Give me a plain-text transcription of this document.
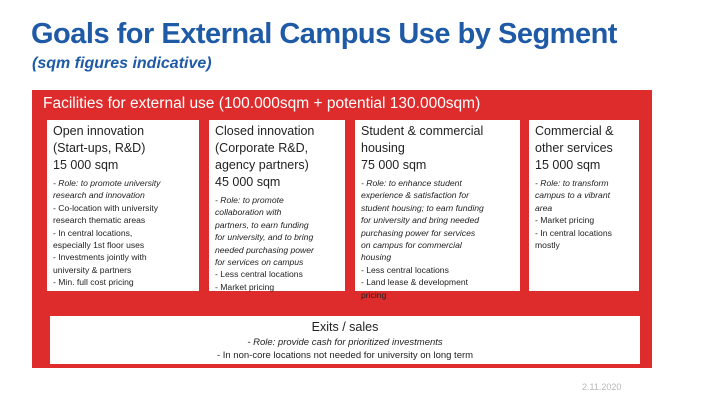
Goals for External Campus Use by Segment
(sqm figures indicative)
Facilities for external use (100.000sqm + potential 130.000sqm)
Open innovation
(Start-ups, R&D)
15 000 sqm
- Role: to promote university
research and innovation
- Co-location with university
research thematic areas
- In central locations,
especially 1st floor uses
- Investments jointly with
university & partners
- Min. full cost pricing
Closed innovation
(Corporate R&D,
agency partners)
45 000 sqm
- Role: to promote
collaboration with
partners, to earn funding
for university, and to bring
needed purchasing power
for services on campus
- Less central locations
- Market pricing
Student & commercial
housing
75 000 sqm
- Role: to enhance student
experience & satisfaction for
student housing; to earn funding
for university and bring needed
purchasing power for services
on campus for commercial
housing
- Less central locations
- Land lease & development
pricing
Commercial &
other services
15 000 sqm
- Role: to transform
campus to a vibrant
area
- Market pricing
- In central locations
mostly
Exits / sales
- Role: provide cash for prioritized investments
- In non-core locations not needed for university on long term
2.11.2020
